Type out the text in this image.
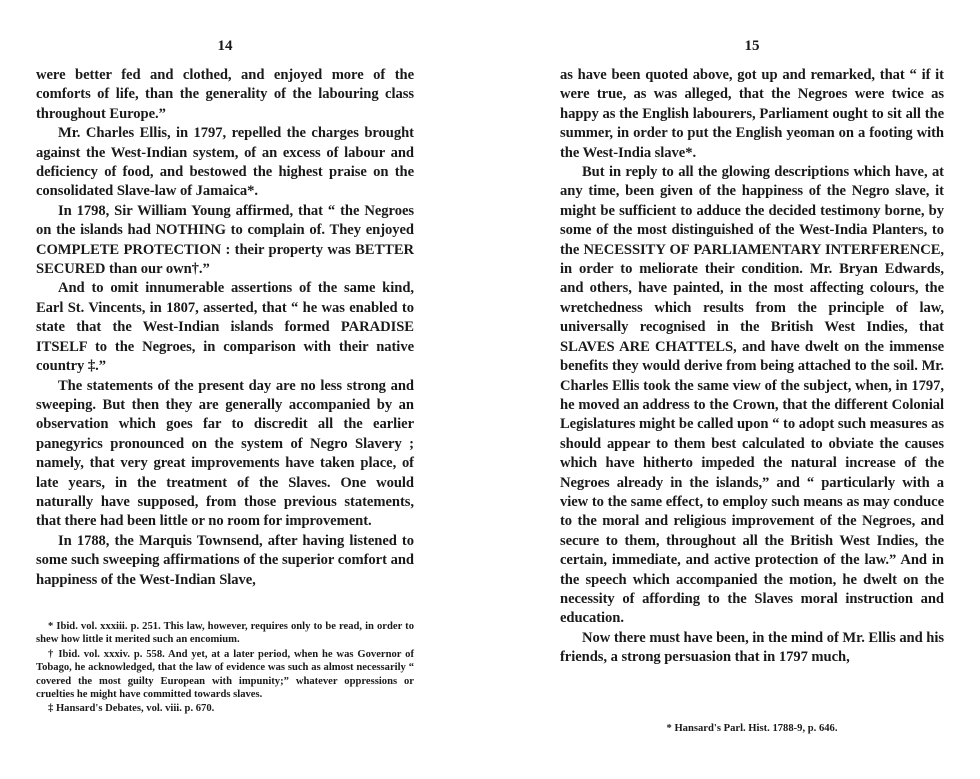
14

were better fed and clothed, and enjoyed more of the comforts of life, than the generality of the labouring class throughout Europe.”

Mr. Charles Ellis, in 1797, repelled the charges brought against the West-Indian system, of an excess of labour and deficiency of food, and bestowed the highest praise on the consolidated Slave-law of Jamaica*.

In 1798, Sir William Young affirmed, that “ the Negroes on the islands had NOTHING to complain of. They enjoyed COMPLETE PROTECTION : their property was BETTER SECURED than our own†.”

And to omit innumerable assertions of the same kind, Earl St. Vincents, in 1807, asserted, that “ he was enabled to state that the West-Indian islands formed PARADISE ITSELF to the Negroes, in comparison with their native country ‡.”

The statements of the present day are no less strong and sweeping. But then they are generally accompanied by an observation which goes far to discredit all the earlier panegyrics pronounced on the system of Negro Slavery ; namely, that very great improvements have taken place, of late years, in the treatment of the Slaves. One would naturally have supposed, from those previous statements, that there had been little or no room for improvement.

In 1788, the Marquis Townsend, after having listened to some such sweeping affirmations of the superior comfort and happiness of the West-Indian Slave,

* Ibid. vol. xxxiii. p. 251. This law, however, requires only to be read, in order to shew how little it merited such an encomium.

† Ibid. vol. xxxiv. p. 558. And yet, at a later period, when he was Governor of Tobago, he acknowledged, that the law of evidence was such as almost necessarily “ covered the most guilty European with impunity;” whatever oppressions or cruelties he might have committed towards slaves.

‡ Hansard's Debates, vol. viii. p. 670.

15

as have been quoted above, got up and remarked, that “ if it were true, as was alleged, that the Negroes were twice as happy as the English labourers, Parliament ought to sit all the summer, in order to put the English yeoman on a footing with the West-India slave*.

But in reply to all the glowing descriptions which have, at any time, been given of the happiness of the Negro slave, it might be sufficient to adduce the decided testimony borne, by some of the most distinguished of the West-India Planters, to the NECESSITY OF PARLIAMENTARY INTERFERENCE, in order to meliorate their condition. Mr. Bryan Edwards, and others, have painted, in the most affecting colours, the wretchedness which results from the principle of law, universally recognised in the British West Indies, that SLAVES ARE CHATTELS, and have dwelt on the immense benefits they would derive from being attached to the soil. Mr. Charles Ellis took the same view of the subject, when, in 1797, he moved an address to the Crown, that the different Colonial Legislatures might be called upon “ to adopt such measures as should appear to them best calculated to obviate the causes which have hitherto impeded the natural increase of the Negroes already in the islands,” and “ particularly with a view to the same effect, to employ such means as may conduce to the moral and religious improvement of the Negroes, and secure to them, throughout all the British West Indies, the certain, immediate, and active protection of the law.” And in the speech which accompanied the motion, he dwelt on the necessity of affording to the Slaves moral instruction and education.

Now there must have been, in the mind of Mr. Ellis and his friends, a strong persuasion that in 1797 much,

* Hansard's Parl. Hist. 1788-9, p. 646.
